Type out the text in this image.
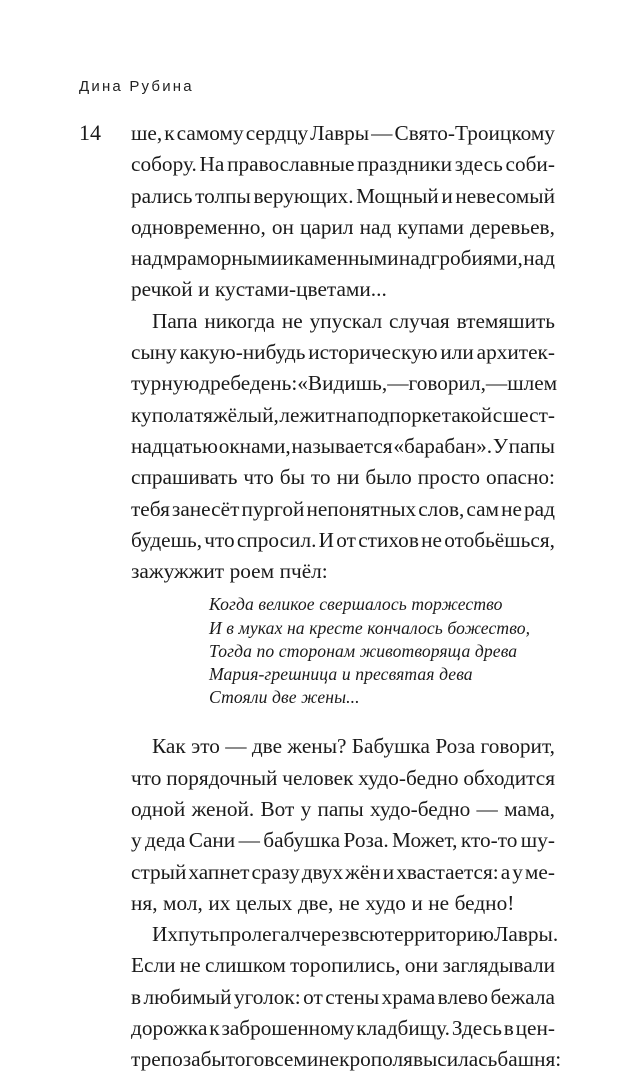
Дина Рубина
14 ше, к самому сердцу Лавры — Свято-Троицкому
собору. На православные праздники здесь соби-
рались толпы верующих. Мощный и невесомый
одновременно, он царил над купами деревьев,
над мраморными и каменными надгробиями, над
речкой и кустами-цветами...
Папа никогда не упускал случая втемяшить
сыну какую-нибудь историческую или архитек-
турную дребедень: «Видишь, — говорил, — шлем
купола тяжёлый, лежит на подпорке такой с шест-
надцатью окнами, называется «барабан». У папы
спрашивать что бы то ни было просто опасно:
тебя занесёт пургой непонятных слов, сам не рад
будешь, что спросил. И от стихов не отобьёшься,
зажужжит роем пчёл:
Когда великое свершалось торжество
И в муках на кресте кончалось божество,
Тогда по сторонам животворяща древа
Мария-грешница и пресвятая дева
Стояли две жены...
Как это — две жены? Бабушка Роза говорит,
что порядочный человек худо-бедно обходится
одной женой. Вот у папы худо-бедно — мама,
у деда Сани — бабушка Роза. Может, кто-то шу-
стрый хапнет сразу двух жён и хвастается: а у ме-
ня, мол, их целых две, не худо и не бедно!
Их путь пролегал через всю территорию Лавры.
Если не слишком торопились, они заглядывали
в любимый уголок: от стены храма влево бежала
дорожка к заброшенному кладбищу. Здесь в цен-
тре позабытого всеми некрополя высилась башня:
